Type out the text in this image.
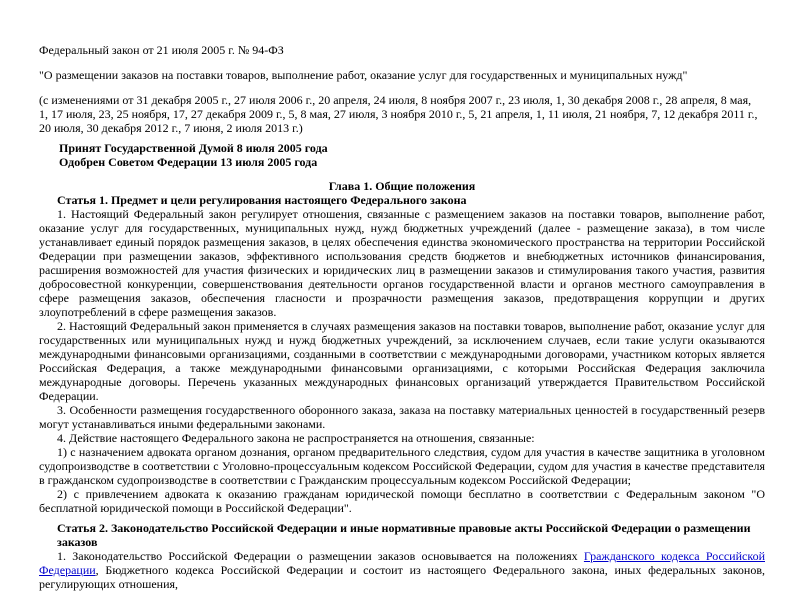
Федеральный закон от 21 июля 2005 г. № 94-ФЗ

"О размещении заказов на поставки товаров, выполнение работ, оказание услуг для государственных и муниципальных нужд"

(с изменениями от 31 декабря 2005 г., 27 июля 2006 г., 20 апреля, 24 июля, 8 ноября 2007 г., 23 июля, 1, 30 декабря 2008 г., 28 апреля, 8 мая, 1, 17 июля, 23, 25 ноября, 17, 27 декабря 2009 г., 5, 8 мая, 27 июля, 3 ноября 2010 г., 5, 21 апреля, 1, 11 июля, 21 ноября, 7, 12 декабря 2011 г., 20 июля, 30 декабря 2012 г., 7 июня, 2 июля 2013 г.)

Принят Государственной Думой 8 июля 2005 года

Одобрен Советом Федерации 13 июля 2005 года

Глава 1. Общие положения

Статья 1. Предмет и цели регулирования настоящего Федерального закона

1. Настоящий Федеральный закон регулирует отношения, связанные с размещением заказов на поставки товаров, выполнение работ, оказание услуг для государственных, муниципальных нужд, нужд бюджетных учреждений (далее - размещение заказа), в том числе устанавливает единый порядок размещения заказов, в целях обеспечения единства экономического пространства на территории Российской Федерации при размещении заказов, эффективного использования средств бюджетов и внебюджетных источников финансирования, расширения возможностей для участия физических и юридических лиц в размещении заказов и стимулирования такого участия, развития добросовестной конкуренции, совершенствования деятельности органов государственной власти и органов местного самоуправления в сфере размещения заказов, обеспечения гласности и прозрачности размещения заказов, предотвращения коррупции и других злоупотреблений в сфере размещения заказов.

2. Настоящий Федеральный закон применяется в случаях размещения заказов на поставки товаров, выполнение работ, оказание услуг для государственных или муниципальных нужд и нужд бюджетных учреждений, за исключением случаев, если такие услуги оказываются международными финансовыми организациями, созданными в соответствии с международными договорами, участником которых является Российская Федерация, а также международными финансовыми организациями, с которыми Российская Федерация заключила международные договоры. Перечень указанных международных финансовых организаций утверждается Правительством Российской Федерации.

3. Особенности размещения государственного оборонного заказа, заказа на поставку материальных ценностей в государственный резерв могут устанавливаться иными федеральными законами.

4. Действие настоящего Федерального закона не распространяется на отношения, связанные:

1) с назначением адвоката органом дознания, органом предварительного следствия, судом для участия в качестве защитника в уголовном судопроизводстве в соответствии с Уголовно-процессуальным кодексом Российской Федерации, судом для участия в качестве представителя в гражданском судопроизводстве в соответствии с Гражданским процессуальным кодексом Российской Федерации;

2) с привлечением адвоката к оказанию гражданам юридической помощи бесплатно в соответствии с Федеральным законом "О бесплатной юридической помощи в Российской Федерации".

Статья 2. Законодательство Российской Федерации и иные нормативные правовые акты Российской Федерации о размещении заказов

1. Законодательство Российской Федерации о размещении заказов основывается на положениях Гражданского кодекса Российской Федерации, Бюджетного кодекса Российской Федерации и состоит из настоящего Федерального закона, иных федеральных законов, регулирующих отношения,
